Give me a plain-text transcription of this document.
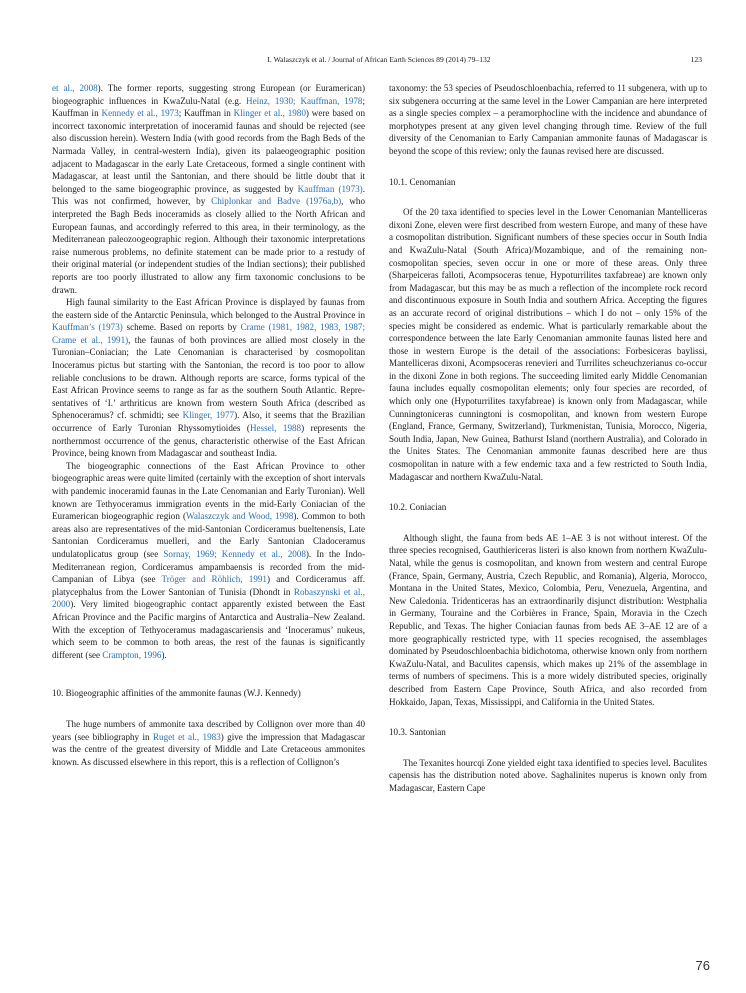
I. Walaszczyk et al. / Journal of African Earth Sciences 89 (2014) 79–132	123

et al., 2008). The former reports, suggesting strong European (or Euramerican) biogeographic influences in KwaZulu-Natal (e.g. Heinz, 1930; Kauffman, 1978; Kauffman in Kennedy et al., 1973; Kauffman in Klinger et al., 1980) were based on incorrect taxonomic interpretation of inoceramid faunas and should be rejected (see also discussion herein). Western India (with good records from the Bagh Beds of the Narmada Valley, in central-western India), given its palaeogeographic position adjacent to Madagascar in the early Late Cretaceous, formed a single continent with Madagascar, at least until the Santonian, and there should be little doubt that it belonged to the same biogeographic province, as suggested by Kauffman (1973). This was not confirmed, however, by Chiplonkar and Badve (1976a,b), who interpreted the Bagh Beds inoceramids as closely allied to the North African and European faunas, and accordingly referred to this area, in their terminology, as the Mediterranean paleozoogeographic region. Although their taxonomic interpretations raise numerous problems, no definite statement can be made prior to a restudy of their original material (or independent studies of the Indian sections); their published reports are too poorly illustrated to allow any firm taxonomic conclusions to be drawn.

High faunal similarity to the East African Province is displayed by faunas from the eastern side of the Antarctic Peninsula, which belonged to the Austral Province in Kauffman’s (1973) scheme. Based on reports by Crame (1981, 1982, 1983, 1987; Crame et al., 1991), the faunas of both provinces are allied most closely in the Turonian–Coniacian; the Late Cenomanian is characterised by cosmopolitan Inoceramus pictus but starting with the Santonian, the record is too poor to allow reliable conclusions to be drawn. Although reports are scarce, forms typical of the East African Province seems to range as far as the southern South Atlantic. Representatives of ‘I.’ arthriticus are known from western South Africa (described as Sphenoceramus? cf. schmidti; see Klinger, 1977). Also, it seems that the Brazilian occurrence of Early Turonian Rhyssomytioides (Hessel, 1988) represents the northernmost occurrence of the genus, characteristic otherwise of the East African Province, being known from Madagascar and southeast India.

The biogeographic connections of the East African Province to other biogeographic areas were quite limited (certainly with the exception of short intervals with pandemic inoceramid faunas in the Late Cenomanian and Early Turonian). Well known are Tethyoceramus immigration events in the mid-Early Coniacian of the Euramerican biogeographic region (Walaszczyk and Wood, 1998). Common to both areas also are representatives of the mid-Santonian Cordiceramus bueltenensis, Late Santonian Cordiceramus muelleri, and the Early Santonian Cladoceramus undulatoplicatus group (see Sornay, 1969; Kennedy et al., 2008). In the Indo-Mediterranean region, Cordiceramus ampambaensis is recorded from the mid-Campanian of Libya (see Tröger and Röhlich, 1991) and Cordiceramus aff. platycephalus from the Lower Santonian of Tunisia (Dhondt in Robaszynski et al., 2000). Very limited biogeographic contact apparently existed between the East African Province and the Pacific margins of Antarctica and Australia–New Zealand. With the exception of Tethyoceramus madagascariensis and ‘Inoceramus’ nukeus, which seem to be common to both areas, the rest of the faunas is significantly different (see Crampton, 1996).

10. Biogeographic affinities of the ammonite faunas (W.J. Kennedy)

The huge numbers of ammonite taxa described by Collignon over more than 40 years (see bibliography in Ruget et al., 1983) give the impression that Madagascar was the centre of the greatest diversity of Middle and Late Cretaceous ammonites known. As discussed elsewhere in this report, this is a reflection of Collignon’s

taxonomy: the 53 species of Pseudoschloenbachia, referred to 11 subgenera, with up to six subgenera occurring at the same level in the Lower Campanian are here interpreted as a single species complex – a peramorphocline with the incidence and abundance of morphotypes present at any given level changing through time. Review of the full diversity of the Cenomanian to Early Campanian ammonite faunas of Madagascar is beyond the scope of this review; only the faunas revised here are discussed.

10.1. Cenomanian

Of the 20 taxa identified to species level in the Lower Cenomanian Mantelliceras dixoni Zone, eleven were first described from western Europe, and many of these have a cosmopolitan distribution. Significant numbers of these species occur in South India and KwaZulu-Natal (South Africa)/Mozambique, and of the remaining non-cosmopolitan species, seven occur in one or more of these areas. Only three (Sharpeiceras falloti, Acompsoceras tenue, Hypoturrilites taxfabreae) are known only from Madagascar, but this may be as much a reflection of the incomplete rock record and discontinuous exposure in South India and southern Africa. Accepting the figures as an accurate record of original distributions – which I do not – only 15% of the species might be considered as endemic. What is particularly remarkable about the correspondence between the late Early Cenomanian ammonite faunas listed here and those in western Europe is the detail of the associations: Forbesiceras baylissi, Mantelliceras dixoni, Acompsoceras renevieri and Turrilites scheuchzerianus co-occur in the dixoni Zone in both regions. The succeeding limited early Middle Cenomanian fauna includes equally cosmopolitan elements; only four species are recorded, of which only one (Hypoturrilites taxyfabreae) is known only from Madagascar, while Cunningtoniceras cunningtoni is cosmopolitan, and known from western Europe (England, France, Germany, Switzerland), Turkmenistan, Tunisia, Morocco, Nigeria, South India, Japan, New Guinea, Bathurst Island (northern Australia), and Colorado in the Unites States. The Cenomanian ammonite faunas described here are thus cosmopolitan in nature with a few endemic taxa and a few restricted to South India, Madagascar and northern KwaZulu-Natal.

10.2. Coniacian

Although slight, the fauna from beds AE 1–AE 3 is not without interest. Of the three species recognised, Gauthiericeras listeri is also known from northern KwaZulu-Natal, while the genus is cosmopolitan, and known from western and central Europe (France, Spain, Germany, Austria, Czech Republic, and Romania), Algeria, Morocco, Montana in the United States, Mexico, Colombia, Peru, Venezuela, Argentina, and New Caledonia. Tridenticeras has an extraordinarily disjunct distribution: Westphalia in Germany, Touraine and the Corbières in France, Spain, Moravia in the Czech Republic, and Texas. The higher Coniacian faunas from beds AE 3–AE 12 are of a more geographically restricted type, with 11 species recognised, the assemblages dominated by Pseudoschloenbachia bidichotoma, otherwise known only from northern KwaZulu-Natal, and Baculites capensis, which makes up 21% of the assemblage in terms of numbers of specimens. This is a more widely distributed species, originally described from Eastern Cape Province, South Africa, and also recorded from Hokkaido, Japan, Texas, Mississippi, and California in the United States.

10.3. Santonian

The Texanites hourcqi Zone yielded eight taxa identified to species level. Baculites capensis has the distribution noted above. Saghalinites nuperus is known only from Madagascar, Eastern Cape

76
